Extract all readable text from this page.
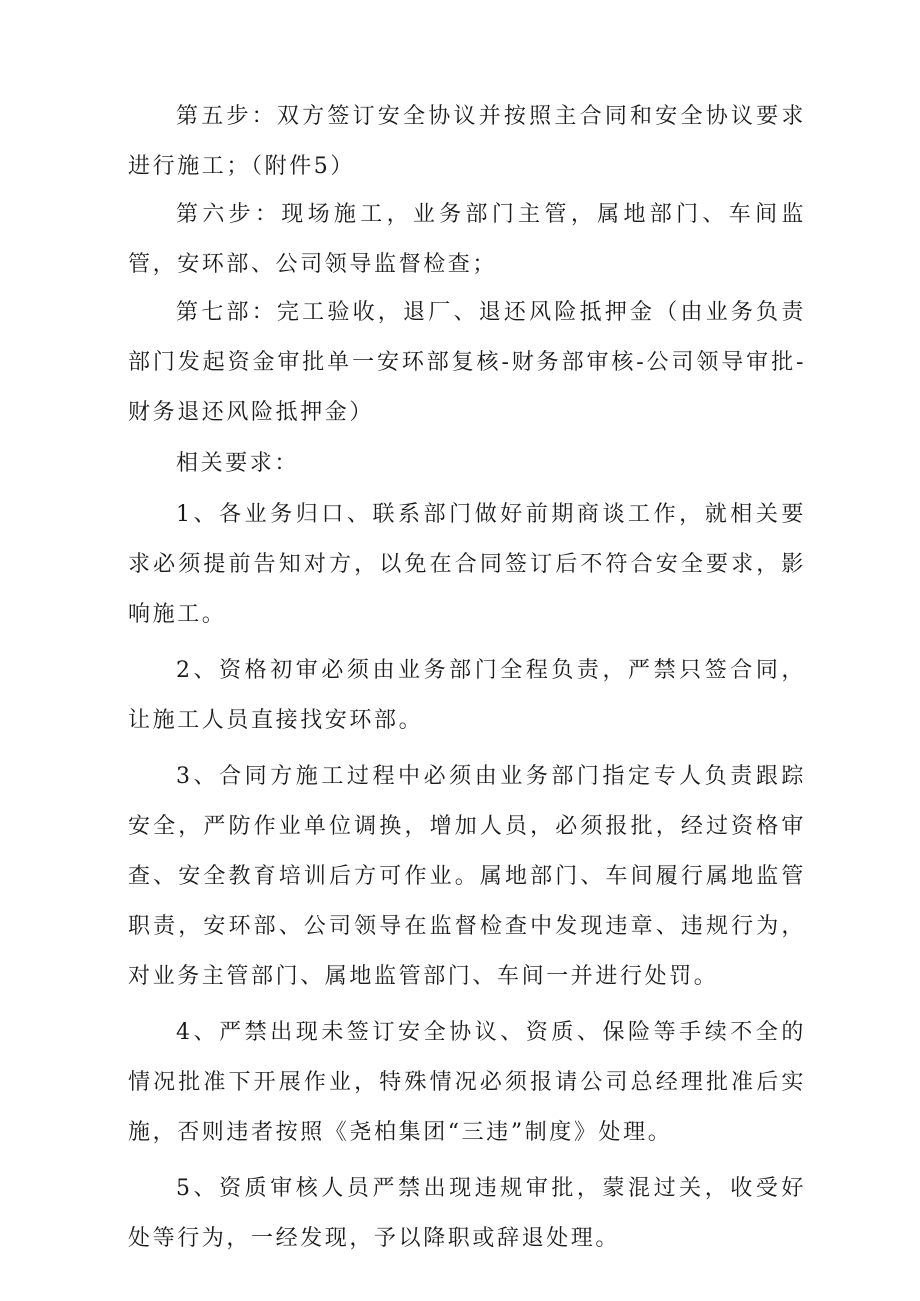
第五步：双方签订安全协议并按照主合同和安全协议要求进行施工；（附件5）

第六步：现场施工，业务部门主管，属地部门、车间监管，安环部、公司领导监督检查；

第七部：完工验收，退厂、退还风险抵押金（由业务负责部门发起资金审批单一安环部复核-财务部审核-公司领导审批-财务退还风险抵押金）

相关要求：

1、各业务归口、联系部门做好前期商谈工作，就相关要求必须提前告知对方，以免在合同签订后不符合安全要求，影响施工。

2、资格初审必须由业务部门全程负责，严禁只签合同，让施工人员直接找安环部。

3、合同方施工过程中必须由业务部门指定专人负责跟踪安全，严防作业单位调换，增加人员，必须报批，经过资格审查、安全教育培训后方可作业。属地部门、车间履行属地监管职责，安环部、公司领导在监督检查中发现违章、违规行为，对业务主管部门、属地监管部门、车间一并进行处罚。

4、严禁出现未签订安全协议、资质、保险等手续不全的情况批准下开展作业，特殊情况必须报请公司总经理批准后实施，否则违者按照《尧柏集团“三违”制度》处理。

5、资质审核人员严禁出现违规审批，蒙混过关，收受好处等行为，一经发现，予以降职或辞退处理。
